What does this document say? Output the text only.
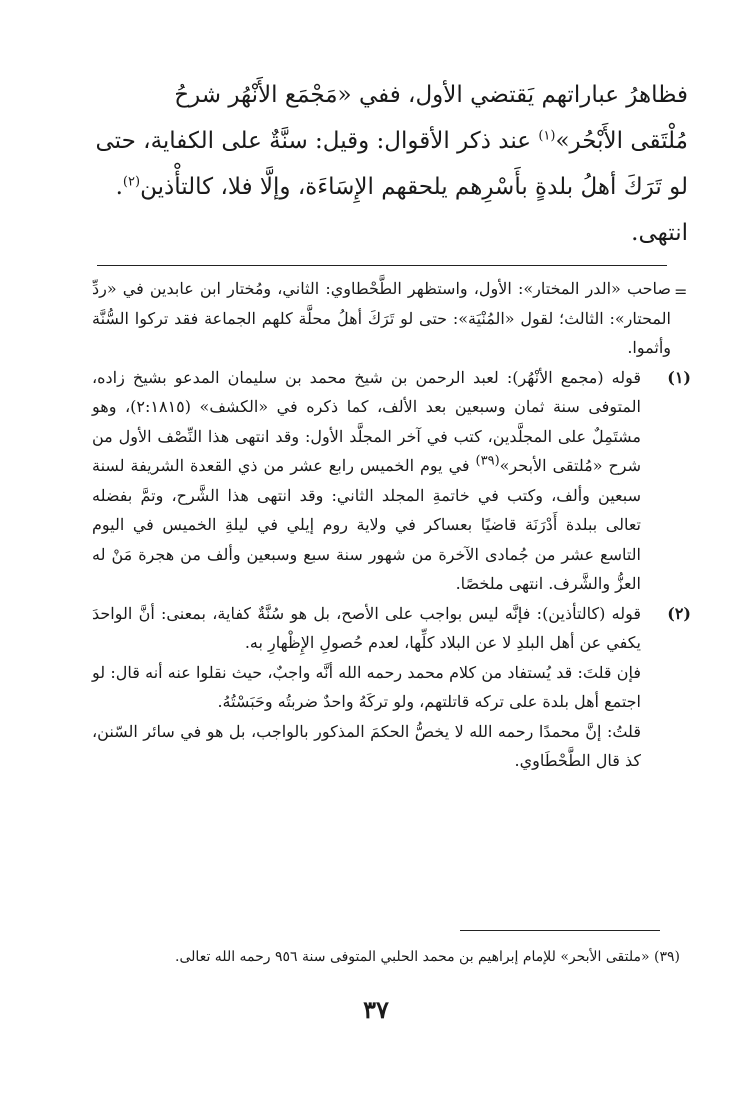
فظاهرُ عباراتهم يَقتضي الأول، ففي «مَجْمَع الأَنْهُر شرحُ

مُلْتَقى الأَبْحُر»$^{(١)}$ عند ذكر الأقوال: وقيل: سنَّةٌ على الكفاية، حتى

لو تَرَكَ أهلُ بلدةٍ بأَسْرِهم يلحقهم الإِسَاءَة، وإلَّا فلا، كالتأْذين$^{(٢)}$.

انتهى.

=

صاحب «الدر المختار»: الأول، واستظهر الطَّحْطاوي: الثاني، ومُختار ابن عابدين في «ردِّ المحتار»: الثالث؛ لقول «المُنْيَة»: حتى لو تَرَكَ أهلُ محلَّة كلهم الجماعة فقد تركوا السُّنَّة وأثموا.

(١)

قوله (مجمع الأنْهُر): لعبد الرحمن بن شيخ محمد بن سليمان المدعو بشيخ زاده، المتوفى سنة ثمان وسبعين بعد الألف، كما ذكره في «الكشف» (٢:١٨١٥)، وهو مشتَمِلٌ على المجلَّدين، كتب في آخر المجلَّد الأول: وقد انتهى هذا النِّصْف الأول من شرح «مُلتقى الأبحر»$^{(٣٩)}$ في يوم الخميس رابع عشر من ذي القعدة الشريفة لسنة سبعين وألف، وكتب في خاتمةِ المجلد الثاني: وقد انتهى هذا الشَّرح، وتمَّ بفضله تعالى ببلدة أَدْرَنَة قاضيًا بعساكر في ولاية روم إيلي في ليلةِ الخميس في اليوم التاسع عشر من جُمادى الآخرة من شهور سنة سبع وسبعين وألف من هجرة مَنْ له العزُّ والشَّرف. انتهى ملخصًا.

(٢)

قوله (كالتأذين): فإنَّه ليس بواجب على الأصح، بل هو سُنَّةٌ كفاية، بمعنى: أنَّ الواحدَ يكفي عن أهل البلدِ لا عن البلاد كلِّها، لعدم حُصولِ الإِظْهارِ به.

فإن قلتَ: قد يُستفاد من كلام محمد رحمه الله أنَّه واجبٌ، حيث نقلوا عنه أنه قال: لو اجتمع أهل بلدة على تركه قاتلتهم، ولو تركَهُ واحدٌ ضربتُه وحَبَسْتُهُ.

قلتُ: إنَّ محمدًا رحمه الله لا يخصُّ الحكمَ المذكور بالواجب، بل هو في سائر السّنن، كذ قال الطَّحْطَاوي.

(٣٩) «ملتقى الأبحر» للإمام إبراهيم بن محمد الحلبي المتوفى سنة ٩٥٦ رحمه الله تعالى.
٣٧
